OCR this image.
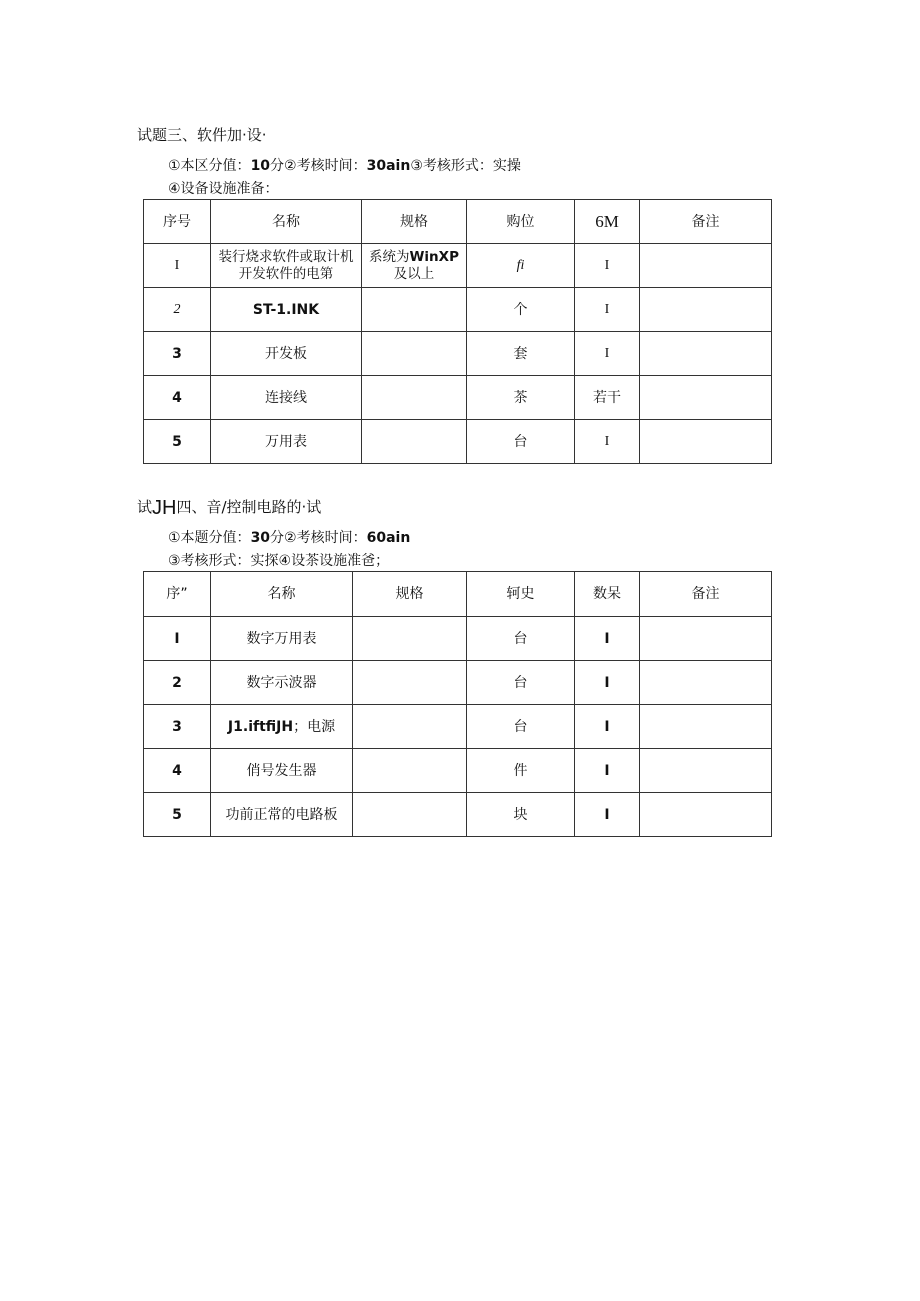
试题三、软件加·设·
①本区分值：10分②考核时间：30ain③考核形式：实操
④设备设施准备：
序号	名称	规格	购位	6M	备注
I	装行烧求软件或取计机开发软件的电第	系统为WinXP及以上	fi	I	
2	ST-1.INK		个	I	
3	开发板		套	I	
4	连接线		茶	若干	
5	万用表		台	I	
试JH四、音/控制电路的·试
①本题分值：30分②考核时间：60ain
③考核形式：实探④设茶设施准爸；
序”	名称	规格	轲史	数呆	备注
I	数字万用表		台	I	
2	数字示波器		台	I	
3	J1.iftfiJH；电源		台	I	
4	俏号发生器		件	I	
5	功前正常的电路板		块	I	
